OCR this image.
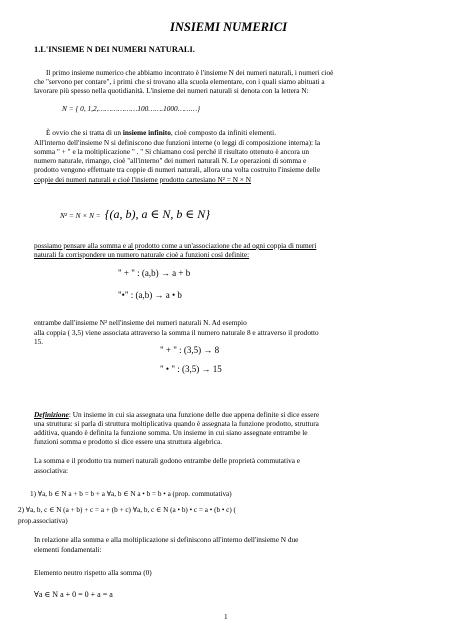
INSIEMI NUMERICI
1.L'INSIEME N DEI NUMERI NATURALI.
Il primo insieme numerico che abbiamo incontrato è l'insieme N dei numeri naturali, i numeri cioè
che "servono per contare", i primi che si trovano alla scuola elementare, con i quali siamo abituati a
lavorare più spesso nella quotidianità. L'insieme dei numeri naturali si denota con la lettera N:
N = { 0, 1,2,………………100…….1000………}
È ovvio che si tratta di un insieme infinito, cioè composto da infiniti elementi.
All'interno dell'insieme N si definiscono due funzioni interne (o leggi di composizione interna): la
somma " + " e la moltiplicazione " . " Si chiamano così perché il risultato ottenuto è ancora un
numero naturale, rimango, cioè "all'interno" dei numeri naturali N. Le operazioni di somma e
prodotto vengono effettuate tra coppie di numeri naturali, allora una volta costruito l'insieme delle
coppie dei numeri naturali e cioè l'insieme prodotto cartesiano N² = N × N
N² = N × N = {(a, b), a ∈ N, b ∈ N}
possiamo pensare alla somma e al prodotto come a un'associazione che ad ogni coppia di numeri
naturali fa corrispondere un numero naturale cioè a funzioni così definite:
" + " : (a,b) → a + b
"•" : (a,b) → a • b
entrambe dall'insieme N² nell'insieme dei numeri naturali N. Ad esempio
alla coppia ( 3,5) viene associata attraverso la somma il numero naturale 8 e attraverso il prodotto
15.
" + " : (3,5) → 8
" • " : (3,5) → 15
Definizione: Un insieme in cui sia assegnata una funzione delle due appena definite si dice essere
una struttura: si parla di struttura moltiplicativa quando è assegnata la funzione prodotto, struttura
additiva, quando è definita la funzione somma. Un insieme in cui siano assegnate entrambe le
funzioni somma e prodotto si dice essere una struttura algebrica.
La somma e il prodotto tra numeri naturali godono entrambe delle proprietà commutativa e
associativa:
1) ∀a, b ∈ N a + b = b + a ∀a, b ∈ N a • b = b • a (prop. commutativa)
2) ∀a, b, c ∈ N (a + b) + c = a + (b + c) ∀a, b, c ∈ N (a • b) • c = a • (b • c) (
prop.associativa)
In relazione alla somma e alla moltiplicazione si definiscono all'interno dell'insieme N due
elementi fondamentali:
Elemento neutro rispetto alla somma (0)
∀a ∈ N a + 0 = 0 + a = a
1
